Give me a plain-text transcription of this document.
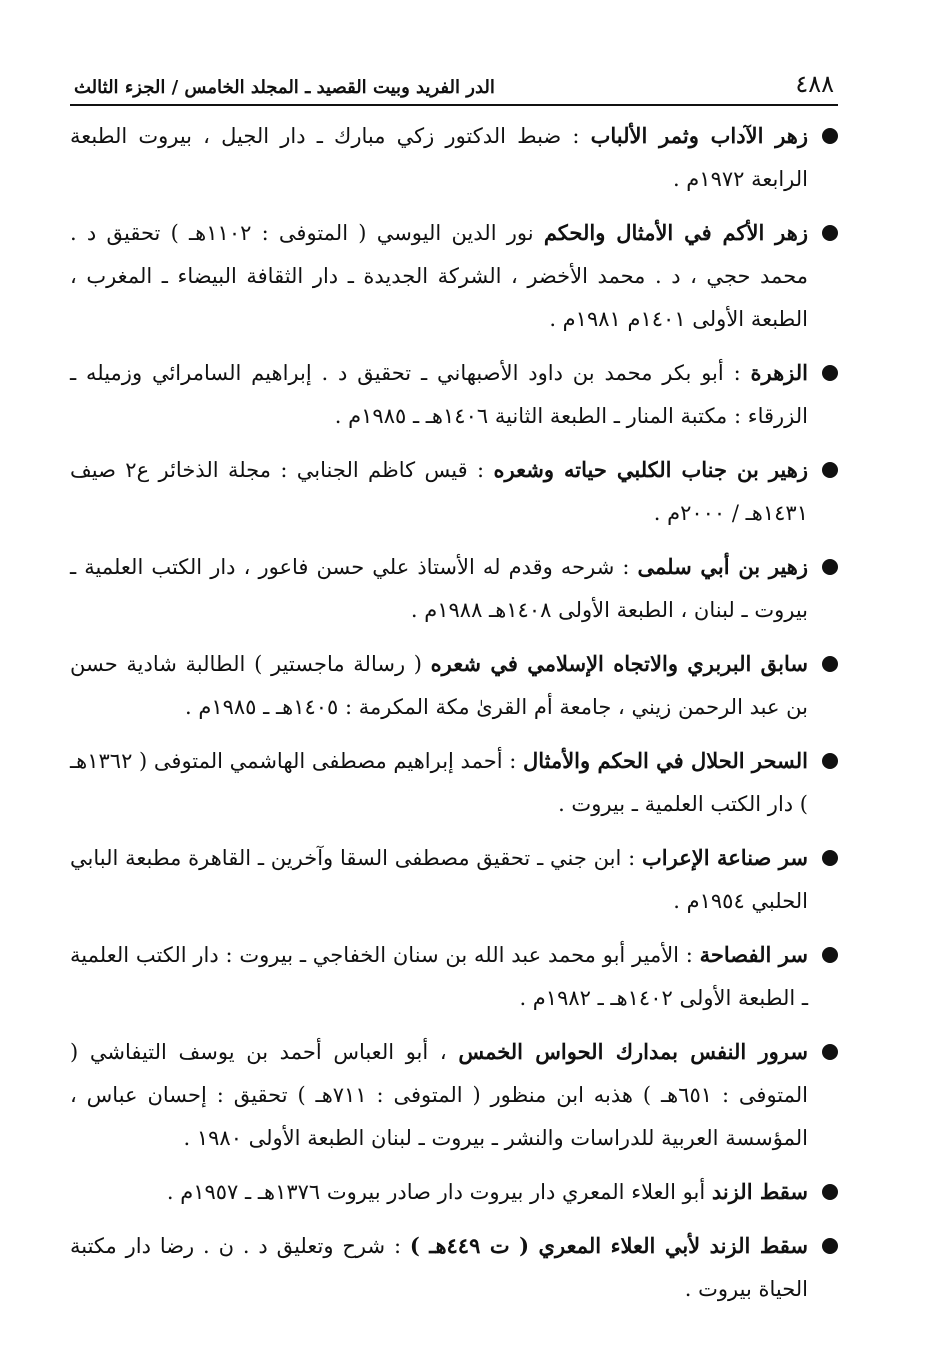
٤٨٨
الدر الفريد وبيت القصيد ـ المجلد الخامس / الجزء الثالث
زهر الآداب وثمر الألباب : ضبط الدكتور زكي مبارك ـ دار الجيل ، بيروت الطبعة الرابعة ١٩٧٢م .
زهر الأكم في الأمثال والحكم نور الدين اليوسي ( المتوفى : ١١٠٢هـ ) تحقيق د . محمد حجي ، د . محمد الأخضر ، الشركة الجديدة ـ دار الثقافة البيضاء ـ المغرب ، الطبعة الأولى ١٤٠١م ١٩٨١م .
الزهرة : أبو بكر محمد بن داود الأصبهاني ـ تحقيق د . إبراهيم السامرائي وزميله ـ الزرقاء : مكتبة المنار ـ الطبعة الثانية ١٤٠٦هـ ـ ١٩٨٥م .
زهير بن جناب الكلبي حياته وشعره : قيس كاظم الجنابي : مجلة الذخائر ع٢ صيف ١٤٣١هـ / ٢٠٠٠م .
زهير بن أبي سلمى : شرحه وقدم له الأستاذ علي حسن فاعور ، دار الكتب العلمية ـ بيروت ـ لبنان ، الطبعة الأولى ١٤٠٨هـ ١٩٨٨م .
سابق البربري والاتجاه الإسلامي في شعره ( رسالة ماجستير ) الطالبة شادية حسن بن عبد الرحمن زيني ، جامعة أم القرىٰ مكة المكرمة : ١٤٠٥هـ ـ ١٩٨٥م .
السحر الحلال في الحكم والأمثال : أحمد إبراهيم مصطفى الهاشمي المتوفى ( ١٣٦٢هـ ) دار الكتب العلمية ـ بيروت .
سر صناعة الإعراب : ابن جني ـ تحقيق مصطفى السقا وآخرين ـ القاهرة مطبعة البابي الحلبي ١٩٥٤م .
سر الفصاحة : الأمير أبو محمد عبد الله بن سنان الخفاجي ـ بيروت : دار الكتب العلمية ـ الطبعة الأولى ١٤٠٢هـ ـ ١٩٨٢م .
سرور النفس بمدارك الحواس الخمس ، أبو العباس أحمد بن يوسف التيفاشي ( المتوفى : ٦٥١هـ ) هذبه ابن منظور ( المتوفى : ٧١١هـ ) تحقيق : إحسان عباس ، المؤسسة العربية للدراسات والنشر ـ بيروت ـ لبنان الطبعة الأولى ١٩٨٠ .
سقط الزند أبو العلاء المعري دار بيروت دار صادر بيروت ١٣٧٦هـ ـ ١٩٥٧م .
سقط الزند لأبي العلاء المعري ( ت ٤٤٩هـ ) : شرح وتعليق د . ن . رضا دار مكتبة الحياة بيروت .
